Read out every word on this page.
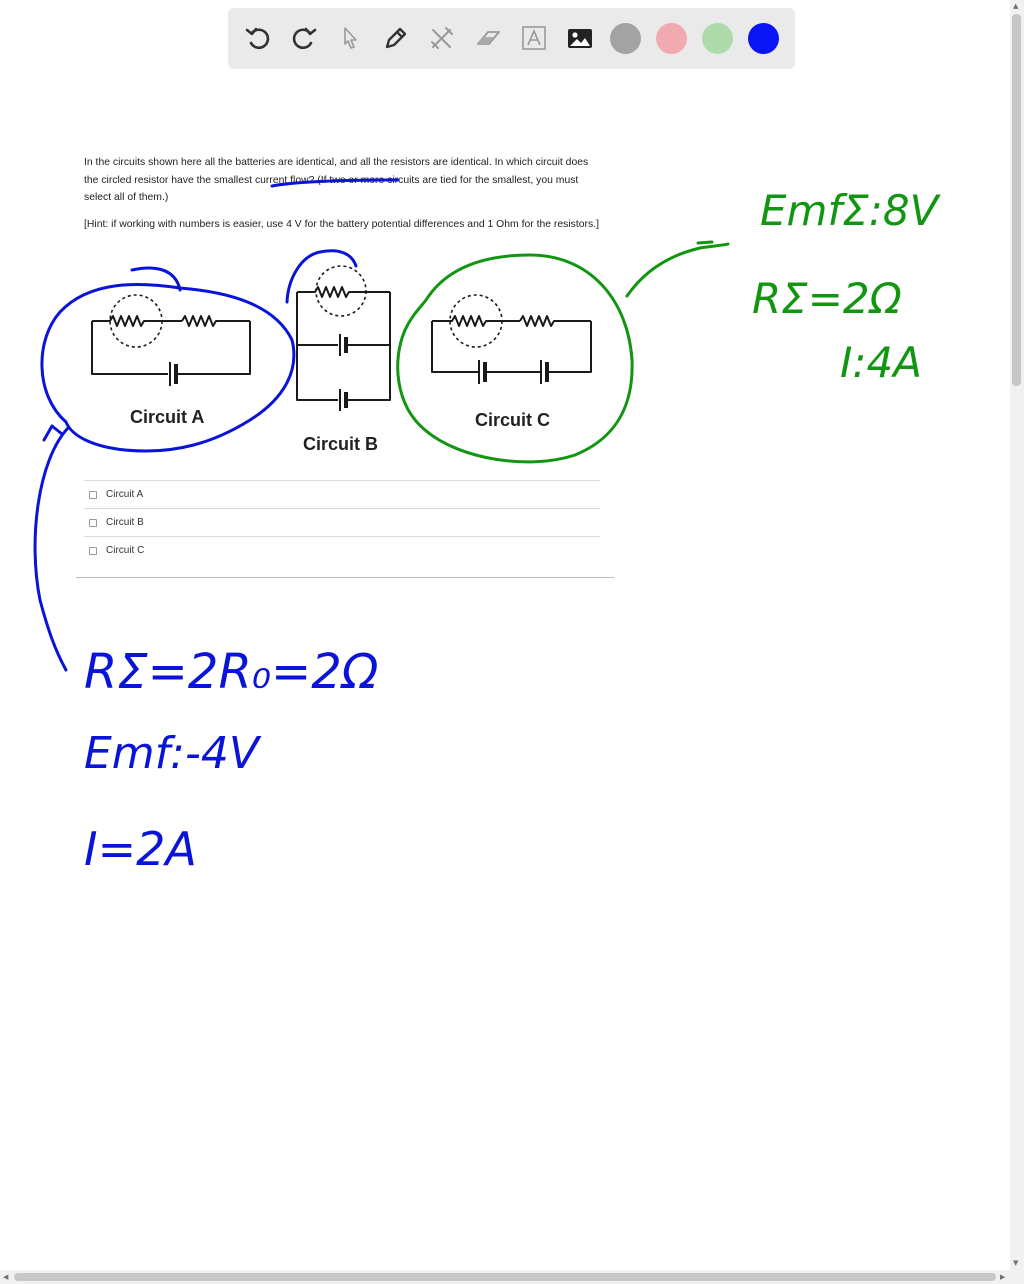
In the circuits shown here all the batteries are identical, and all the resistors are identical. In which circuit does the circled resistor have the smallest current flow? (If two or more circuits are tied for the smallest, you must select all of them.)

[Hint: if working with numbers is easier, use 4 V for the battery potential differences and 1 Ohm for the resistors.]

Circuit A
Circuit B
Circuit C
Circuit A
Circuit B
Circuit C
EmfΣ:8V
RΣ=2Ω
I:4A
RΣ=2R₀=2Ω
Emf:-4V
I=2A
▲
▼
◀	▶
